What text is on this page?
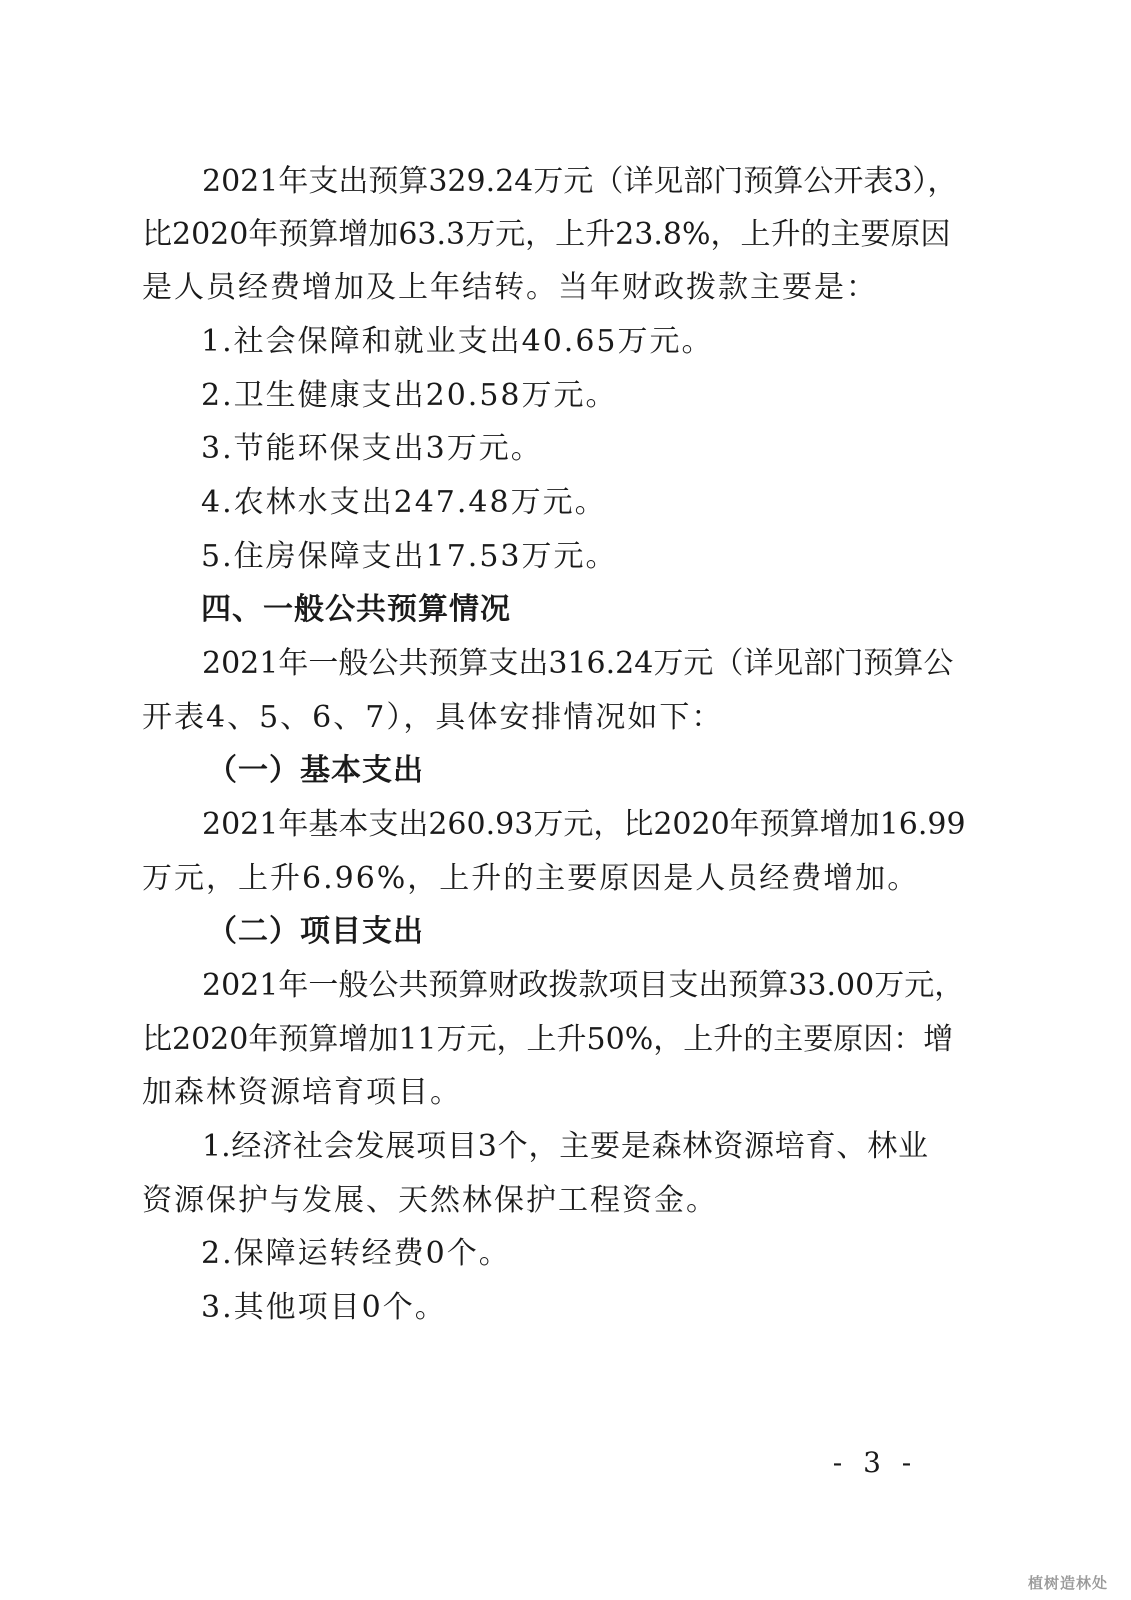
2021年支出预算329.24万元（详见部门预算公开表3），
比2020年预算增加63.3万元，上升23.8%，上升的主要原因
是人员经费增加及上年结转。当年财政拨款主要是：
1.社会保障和就业支出40.65万元。
2.卫生健康支出20.58万元。
3.节能环保支出3万元。
4.农林水支出247.48万元。
5.住房保障支出17.53万元。
四、一般公共预算情况
2021年一般公共预算支出316.24万元（详见部门预算公
开表4、5、6、7），具体安排情况如下：
（一）基本支出
2021年基本支出260.93万元，比2020年预算增加16.99
万元，上升6.96%，上升的主要原因是人员经费增加。
（二）项目支出
2021年一般公共预算财政拨款项目支出预算33.00万元，
比2020年预算增加11万元，上升50%，上升的主要原因：增
加森林资源培育项目。
1.经济社会发展项目3个，主要是森林资源培育、林业
资源保护与发展、天然林保护工程资金。
2.保障运转经费0个。
3.其他项目0个。
- 3 -
植树造林处
